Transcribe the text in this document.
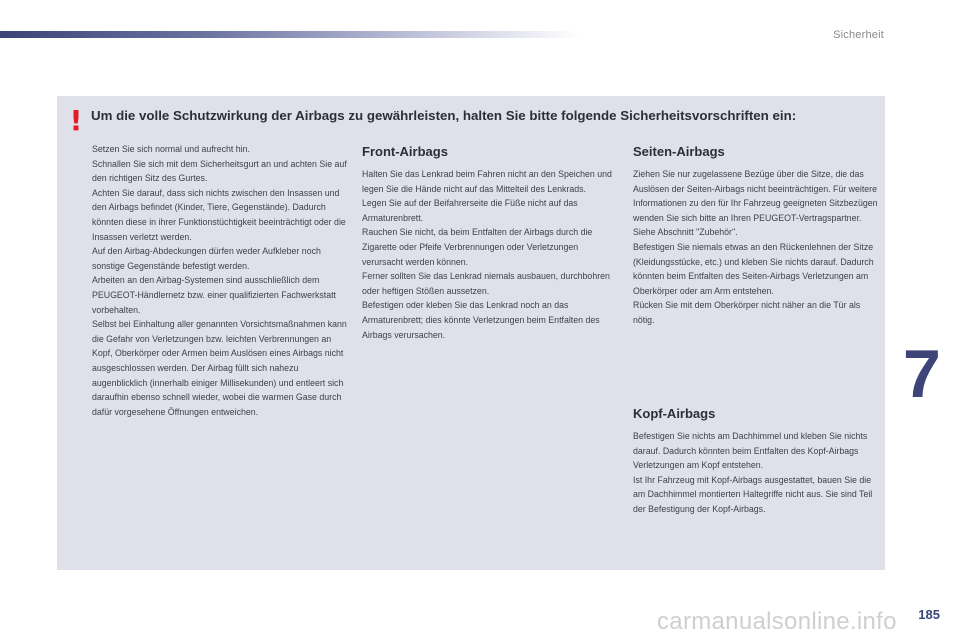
Sicherheit
! Um die volle Schutzwirkung der Airbags zu gewährleisten, halten Sie bitte folgende Sicherheitsvorschriften ein:

Setzen Sie sich normal und aufrecht hin.

Schnallen Sie sich mit dem Sicherheitsgurt an und achten Sie auf den richtigen Sitz des Gurtes.

Achten Sie darauf, dass sich nichts zwischen den Insassen und den Airbags befindet (Kinder, Tiere, Gegenstände). Dadurch könnten diese in ihrer Funktionstüchtigkeit beeinträchtigt oder die Insassen verletzt werden.

Auf den Airbag-Abdeckungen dürfen weder Aufkleber noch sonstige Gegenstände befestigt werden.

Arbeiten an den Airbag-Systemen sind ausschließlich dem PEUGEOT-Händlernetz bzw. einer qualifizierten Fachwerkstatt vorbehalten.

Selbst bei Einhaltung aller genannten Vorsichtsmaßnahmen kann die Gefahr von Verletzungen bzw. leichten Verbrennungen an Kopf, Oberkörper oder Armen beim Auslösen eines Airbags nicht ausgeschlossen werden. Der Airbag füllt sich nahezu augenblicklich (innerhalb einiger Millisekunden) und entleert sich daraufhin ebenso schnell wieder, wobei die warmen Gase durch dafür vorgesehene Öffnungen entweichen.

Front-Airbags

Halten Sie das Lenkrad beim Fahren nicht an den Speichen und legen Sie die Hände nicht auf das Mittelteil des Lenkrads.

Legen Sie auf der Beifahrerseite die Füße nicht auf das Armaturenbrett.

Rauchen Sie nicht, da beim Entfalten der Airbags durch die Zigarette oder Pfeife Verbrennungen oder Verletzungen verursacht werden können.

Ferner sollten Sie das Lenkrad niemals ausbauen, durchbohren oder heftigen Stößen aussetzen.

Befestigen oder kleben Sie das Lenkrad noch an das Armaturenbrett; dies könnte Verletzungen beim Entfalten des Airbags verursachen.

Seiten-Airbags

Ziehen Sie nur zugelassene Bezüge über die Sitze, die das Auslösen der Seiten-Airbags nicht beeinträchtigen. Für weitere Informationen zu den für Ihr Fahrzeug geeigneten Sitzbezügen wenden Sie sich bitte an Ihren PEUGEOT-Vertragspartner. Siehe Abschnitt "Zubehör".

Befestigen Sie niemals etwas an den Rückenlehnen der Sitze (Kleidungsstücke, etc.) und kleben Sie nichts darauf. Dadurch könnten beim Entfalten des Seiten-Airbags Verletzungen am Oberkörper oder am Arm entstehen.

Rücken Sie mit dem Oberkörper nicht näher an die Tür als nötig.

Kopf-Airbags

Befestigen Sie nichts am Dachhimmel und kleben Sie nichts darauf. Dadurch könnten beim Entfalten des Kopf-Airbags Verletzungen am Kopf entstehen.

Ist Ihr Fahrzeug mit Kopf-Airbags ausgestattet, bauen Sie die am Dachhimmel montierten Haltegriffe nicht aus. Sie sind Teil der Befestigung der Kopf-Airbags.

7
carmanualsonline.info 185
